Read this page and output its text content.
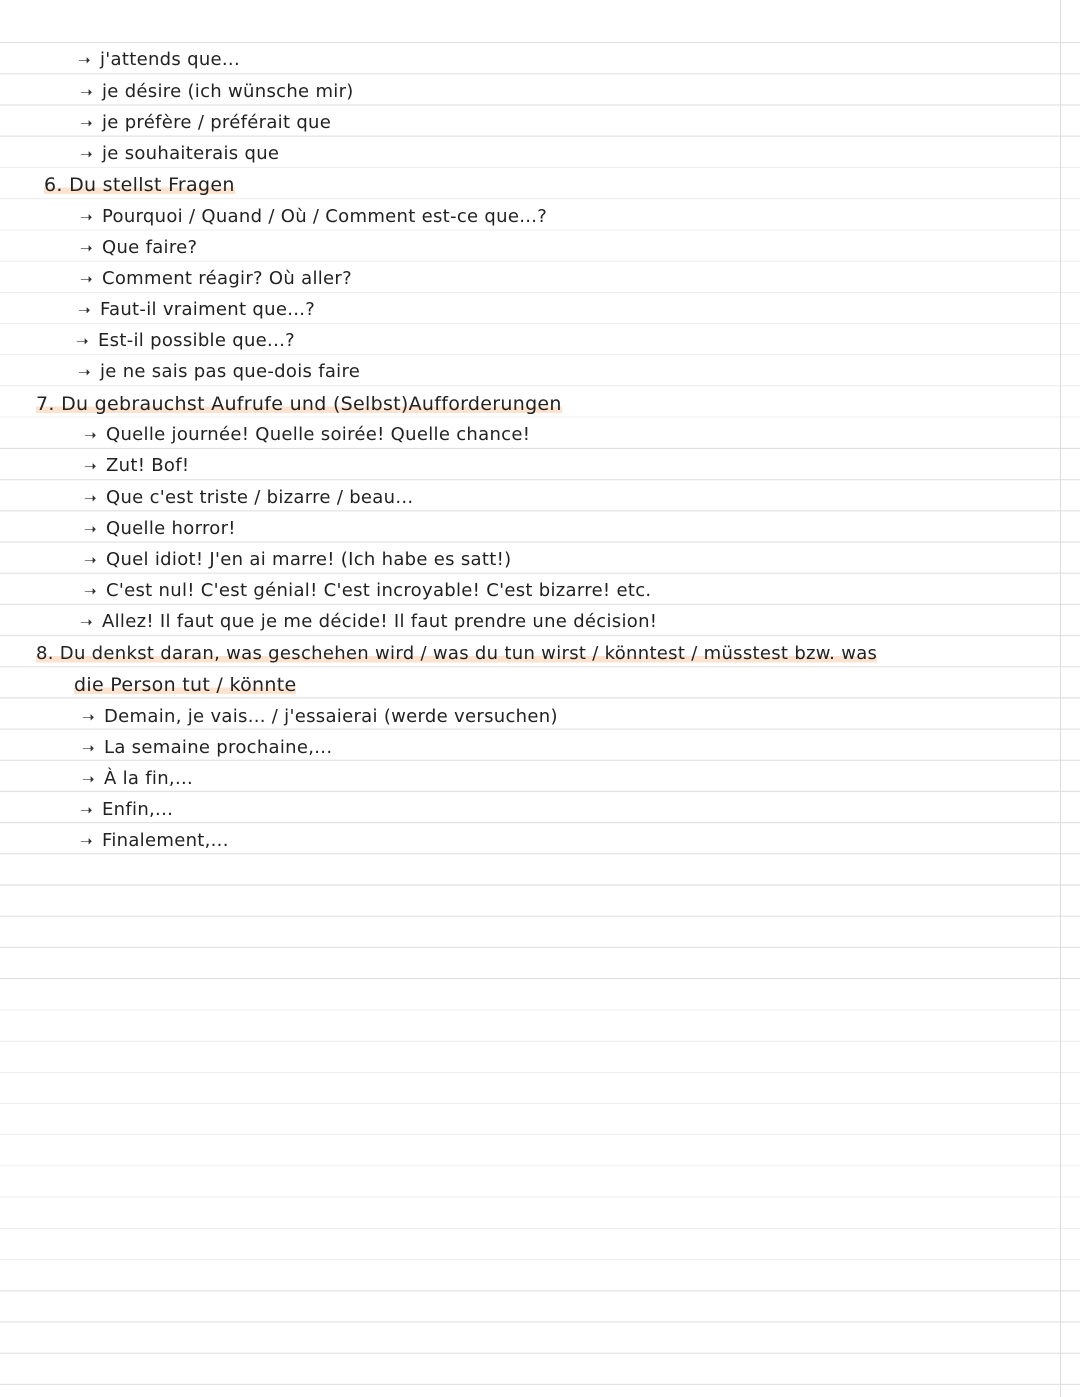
➝ j'attends que...
➝ je désire (ich wünsche mir)
➝ je préfère / préférait que
➝ je souhaiterais que
6. Du stellst Fragen
➝ Pourquoi / Quand / Où / Comment est-ce que...?
➝ Que faire?
➝ Comment réagir? Où aller?
➝ Faut-il vraiment que...?
➝ Est-il possible que...?
➝ je ne sais pas que-dois faire
7. Du gebrauchst Aufrufe und (Selbst)Aufforderungen
➝ Quelle journée! Quelle soirée! Quelle chance!
➝ Zut! Bof!
➝ Que c'est triste / bizarre / beau...
➝ Quelle horror!
➝ Quel idiot! J'en ai marre! (Ich habe es satt!)
➝ C'est nul! C'est génial! C'est incroyable! C'est bizarre! etc.
➝ Allez! Il faut que je me décide! Il faut prendre une décision!
8. Du denkst daran, was geschehen wird / was du tun wirst / könntest / müsstest bzw. was
die Person tut / könnte
➝ Demain, je vais... / j'essaierai (werde versuchen)
➝ La semaine prochaine,...
➝ À la fin,...
➝ Enfin,...
➝ Finalement,...
